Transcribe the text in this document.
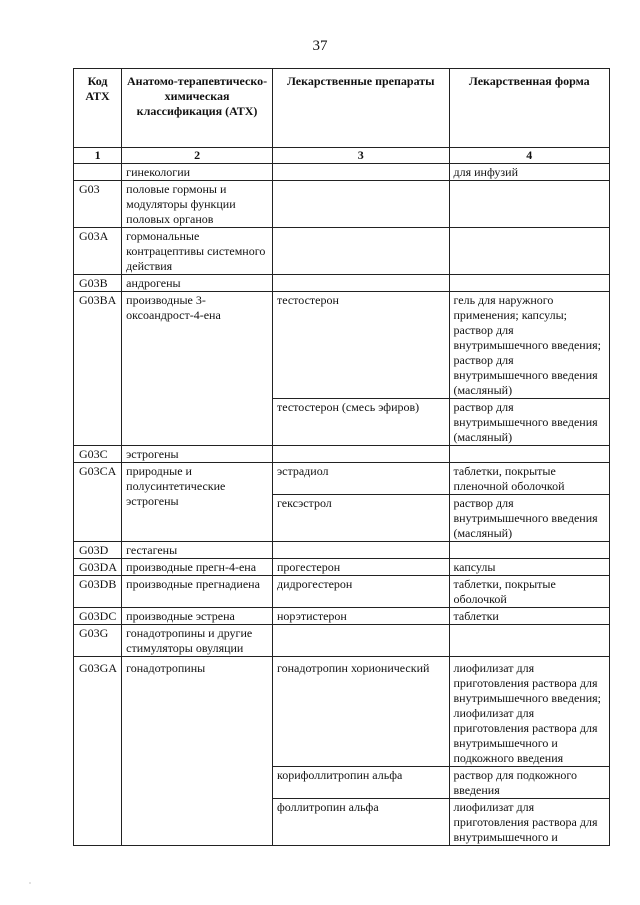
37
Код АТХ	Анатомо-терапевтическо-химическая классификация (АТХ)	Лекарственные препараты	Лекарственная форма
1	2	3	4
	гинекологии		для инфузий
G03	половые гормоны и модуляторы функции половых органов		
G03A	гормональные контрацептивы системного действия		
G03B	андрогены		
G03BA	производные 3-оксоандрост-4-ена	тестостерон	гель для наружного применения; капсулы; раствор для внутримышечного введения; раствор для внутримышечного введения (масляный)
		тестостерон (смесь эфиров)	раствор для внутримышечного введения (масляный)
G03C	эстрогены		
G03CA	природные и полусинтетические эстрогены	эстрадиол	таблетки, покрытые пленочной оболочкой
		гексэстрол	раствор для внутримышечного введения (масляный)
G03D	гестагены		
G03DA	производные прегн-4-ена	прогестерон	капсулы
G03DB	производные прегнадиена	дидрогестерон	таблетки, покрытые оболочкой
G03DC	производные эстрена	норэтистерон	таблетки
G03G	гонадотропины и другие стимуляторы овуляции		
G03GA	гонадотропины	гонадотропин хорионический	лиофилизат для приготовления раствора для внутримышечного введения; лиофилизат для приготовления раствора для внутримышечного и подкожного введения
		корифоллитропин альфа	раствор для подкожного введения
		фоллитропин альфа	лиофилизат для приготовления раствора для внутримышечного и
